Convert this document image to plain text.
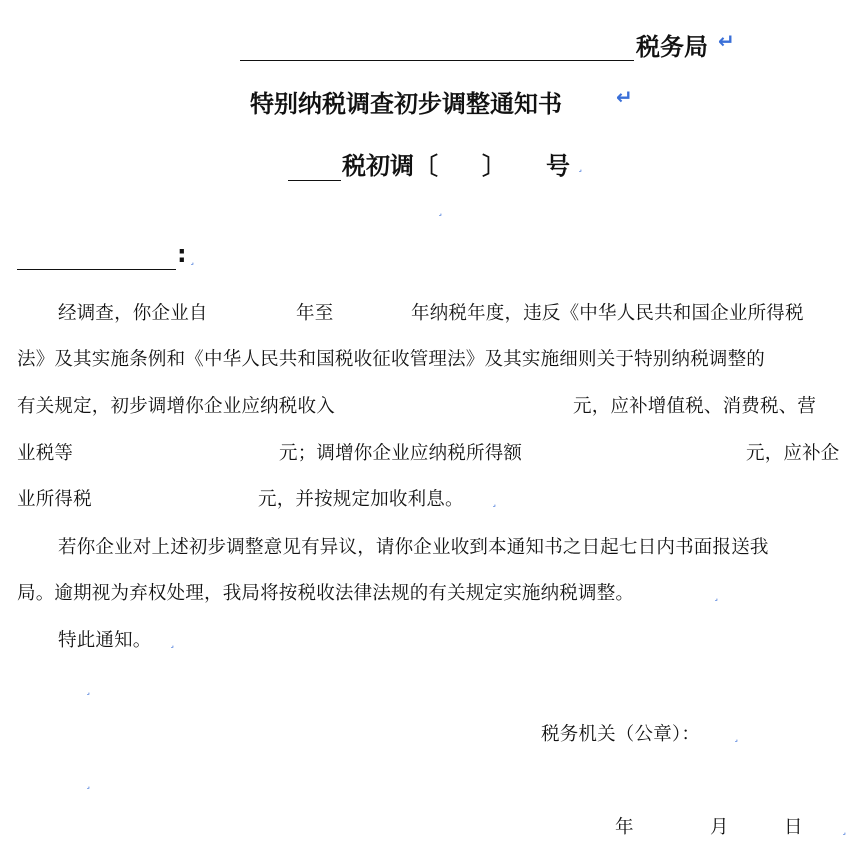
税务局 ↵
特别纳税调查初步调整通知书	↵
税初调〔 〕 号 ˼
˼
: ˼
经调查，你企业自	年至	年纳税年度，违反《中华人民共和国企业所得税
法》及其实施条例和《中华人民共和国税收征收管理法》及其实施细则关于特别纳税调整的
有关规定，初步调增你企业应纳税收入	元，应补增值税、消费税、营
业税等	元；调增你企业应纳税所得额	元，应补企
业所得税	元，并按规定加收利息。 ˼
若你企业对上述初步调整意见有异议，请你企业收到本通知书之日起七日内书面报送我
局。逾期视为弃权处理，我局将按税收法律法规的有关规定实施纳税调整。	˼
特此通知。 ˼
˼
税务机关（公章）：	˼
˼
年	月	日	˼
